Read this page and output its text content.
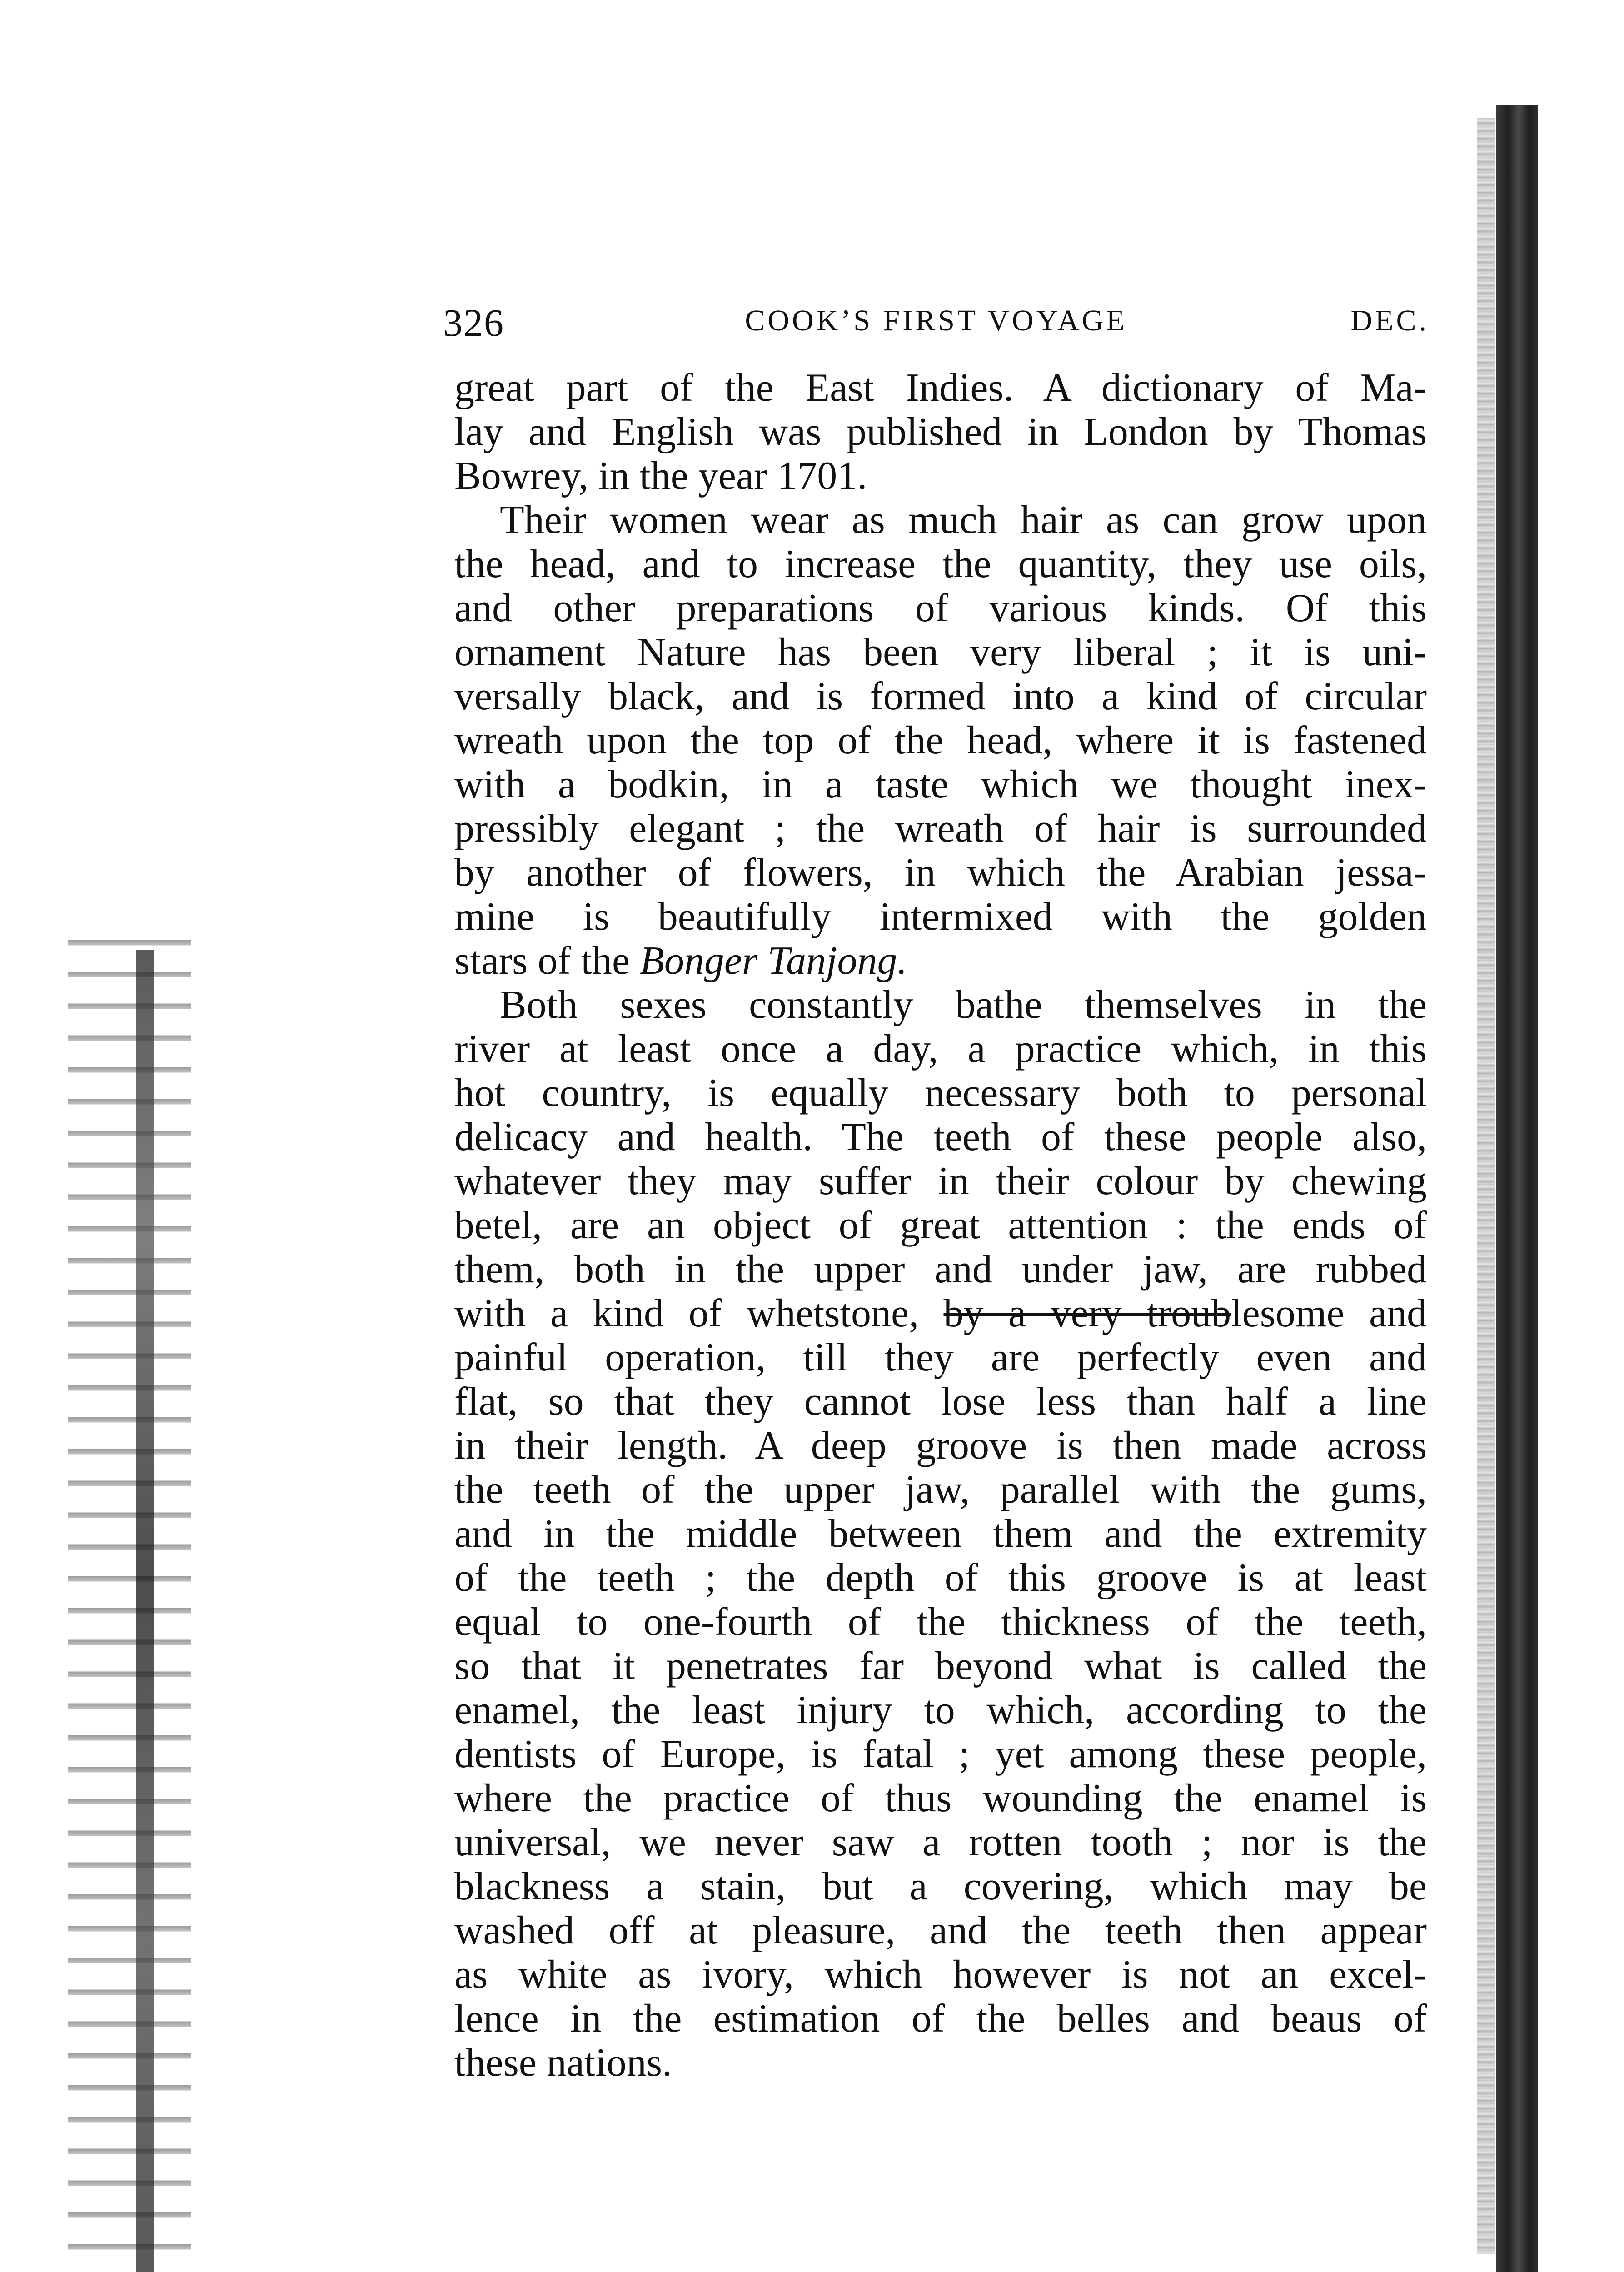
326	COOK’S FIRST VOYAGE	DEC.
great part of the East Indies. A dictionary of Ma-
lay and English was published in London by Thomas
Bowrey, in the year 1701.
Their women wear as much hair as can grow upon
the head, and to increase the quantity, they use oils,
and other preparations of various kinds. Of this
ornament Nature has been very liberal ; it is uni-
versally black, and is formed into a kind of circular
wreath upon the top of the head, where it is fastened
with a bodkin, in a taste which we thought inex-
pressibly elegant ; the wreath of hair is surrounded
by another of flowers, in which the Arabian jessa-
mine is beautifully intermixed with the golden
stars of the Bonger Tanjong.
Both sexes constantly bathe themselves in the
river at least once a day, a practice which, in this
hot country, is equally necessary both to personal
delicacy and health. The teeth of these people also,
whatever they may suffer in their colour by chewing
betel, are an object of great attention : the ends of
them, both in the upper and under jaw, are rubbed
with a kind of whetstone, by a very troublesome and
painful operation, till they are perfectly even and
flat, so that they cannot lose less than half a line
in their length. A deep groove is then made across
the teeth of the upper jaw, parallel with the gums,
and in the middle between them and the extremity
of the teeth ; the depth of this groove is at least
equal to one-fourth of the thickness of the teeth,
so that it penetrates far beyond what is called the
enamel, the least injury to which, according to the
dentists of Europe, is fatal ; yet among these people,
where the practice of thus wounding the enamel is
universal, we never saw a rotten tooth ; nor is the
blackness a stain, but a covering, which may be
washed off at pleasure, and the teeth then appear
as white as ivory, which however is not an excel-
lence in the estimation of the belles and beaus of
these nations.
